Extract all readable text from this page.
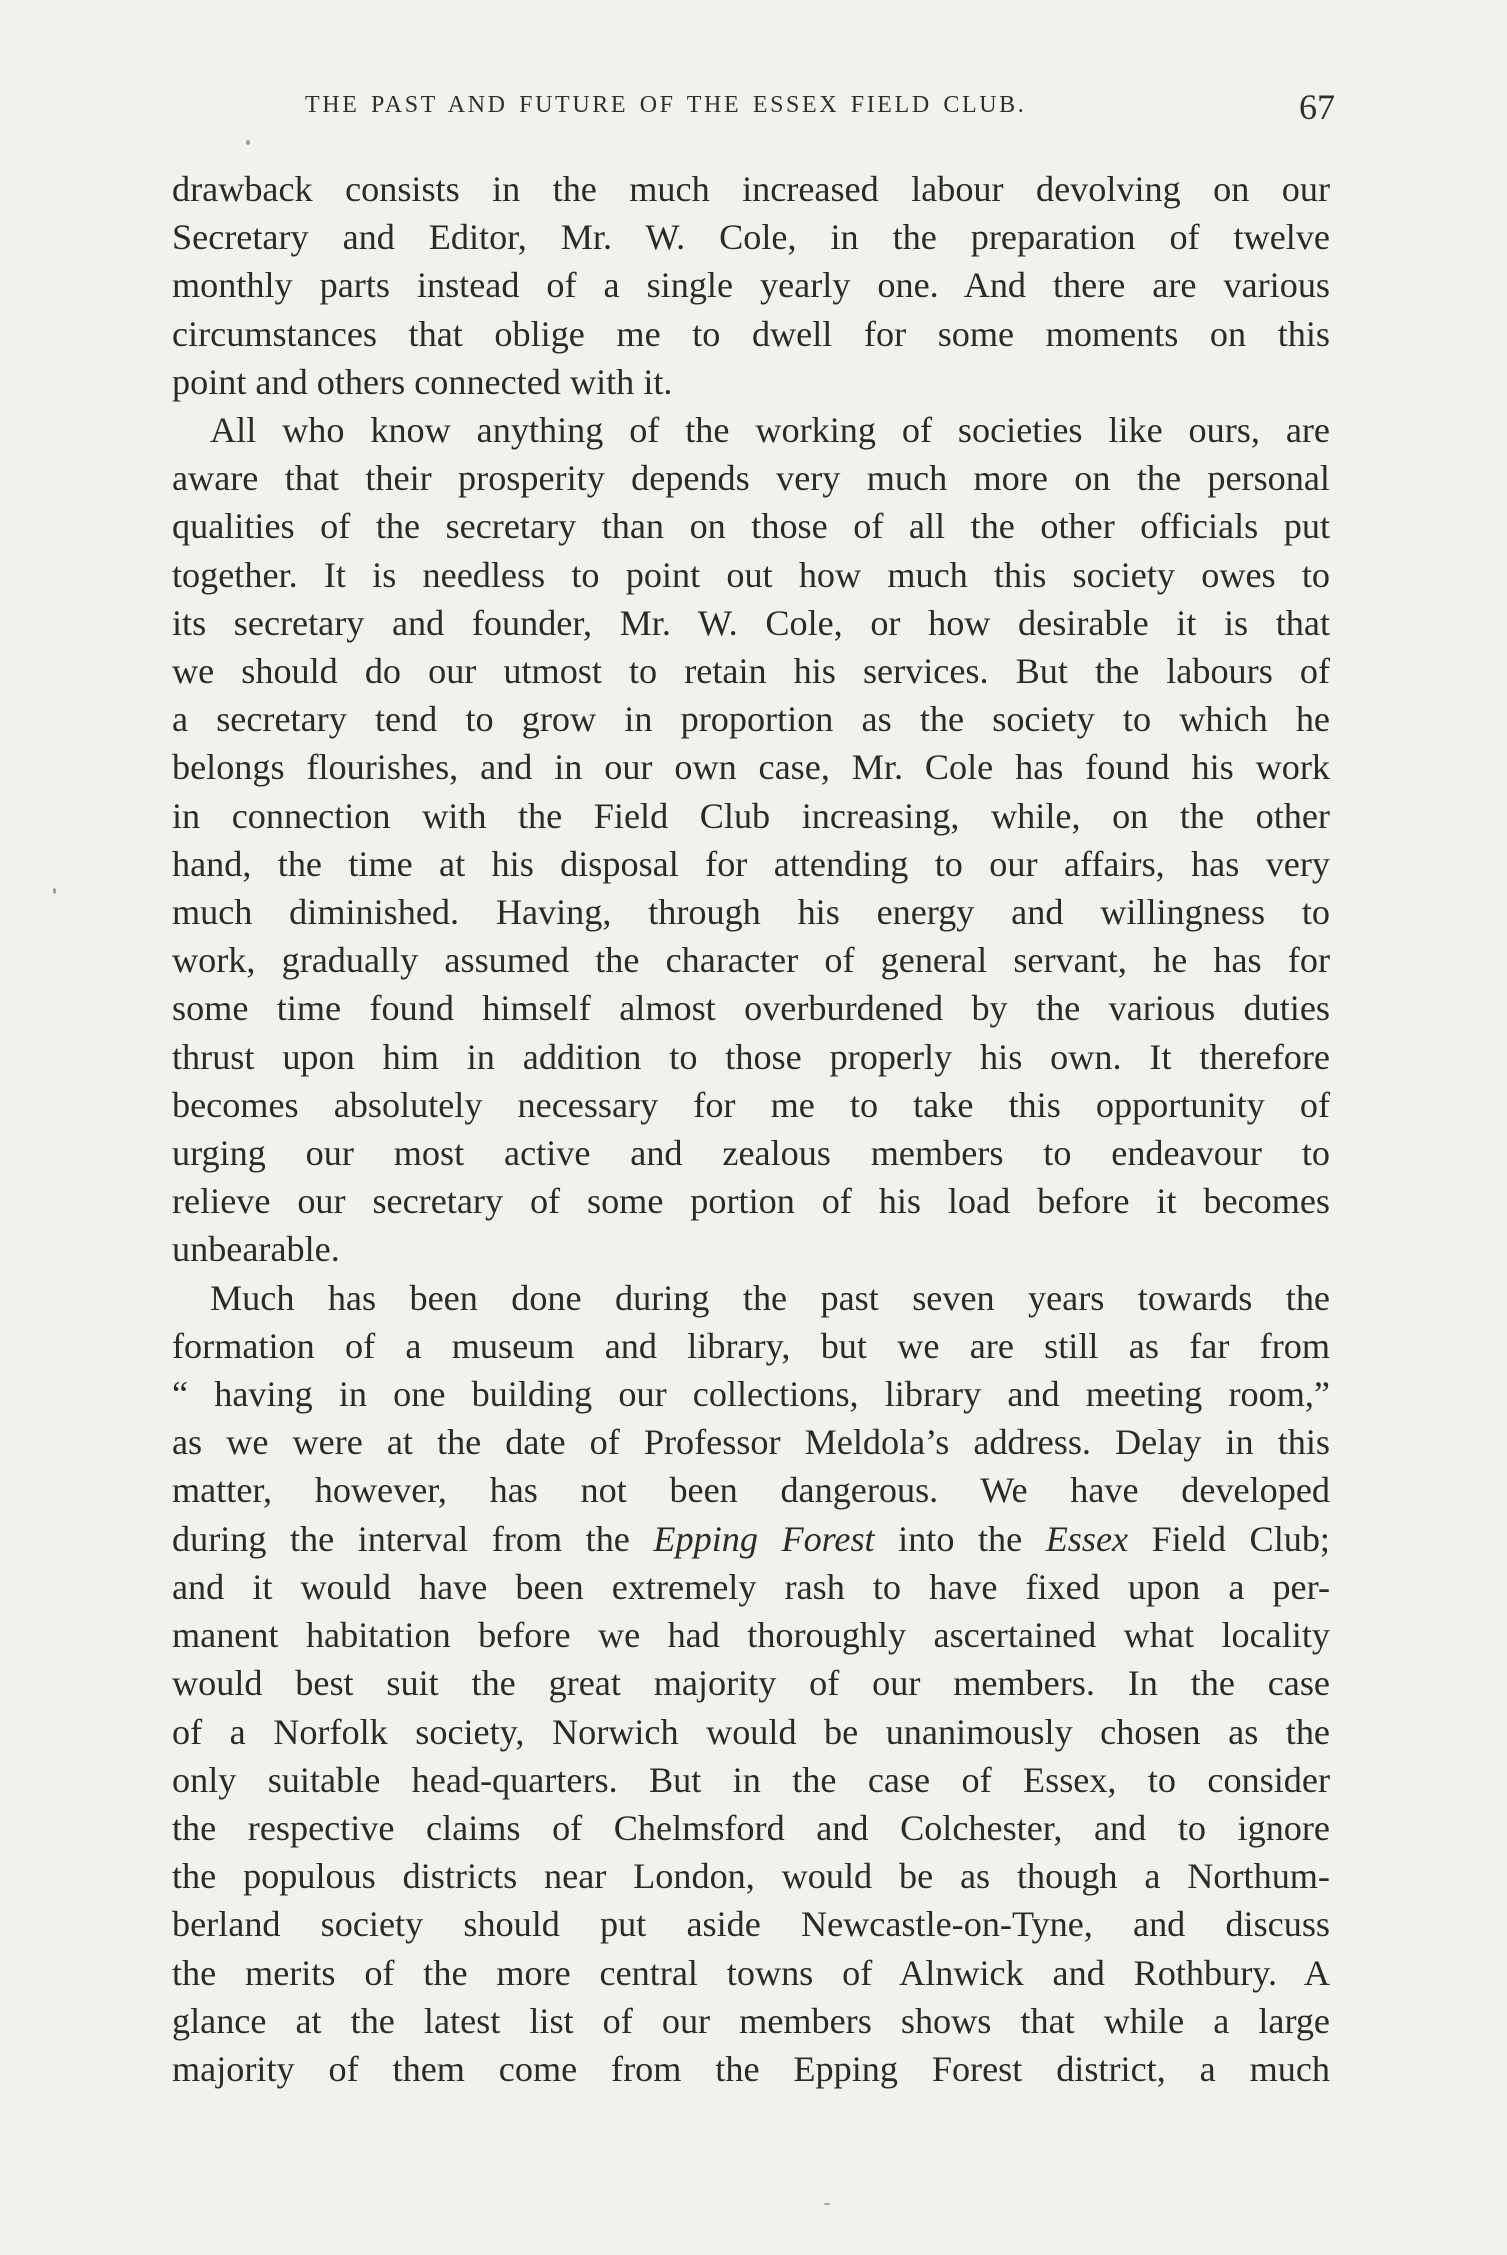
THE PAST AND FUTURE OF THE ESSEX FIELD CLUB.	67

drawback consists in the much increased labour devolving on our
Secretary and Editor, Mr. W. Cole, in the preparation of twelve
monthly parts instead of a single yearly one. And there are various
circumstances that oblige me to dwell for some moments on this
point and others connected with it.

All who know anything of the working of societies like ours, are
aware that their prosperity depends very much more on the personal
qualities of the secretary than on those of all the other officials put
together. It is needless to point out how much this society owes to
its secretary and founder, Mr. W. Cole, or how desirable it is that
we should do our utmost to retain his services. But the labours of
a secretary tend to grow in proportion as the society to which he
belongs flourishes, and in our own case, Mr. Cole has found his work
in connection with the Field Club increasing, while, on the other
hand, the time at his disposal for attending to our affairs, has very
much diminished. Having, through his energy and willingness to
work, gradually assumed the character of general servant, he has for
some time found himself almost overburdened by the various duties
thrust upon him in addition to those properly his own. It therefore
becomes absolutely necessary for me to take this opportunity of
urging our most active and zealous members to endeavour to
relieve our secretary of some portion of his load before it becomes
unbearable.

Much has been done during the past seven years towards the
formation of a museum and library, but we are still as far from
“ having in one building our collections, library and meeting room,”
as we were at the date of Professor Meldola’s address. Delay in this
matter, however, has not been dangerous. We have developed
during the interval from the Epping Forest into the Essex Field Club;
and it would have been extremely rash to have fixed upon a per-
manent habitation before we had thoroughly ascertained what locality
would best suit the great majority of our members. In the case
of a Norfolk society, Norwich would be unanimously chosen as the
only suitable head-quarters. But in the case of Essex, to consider
the respective claims of Chelmsford and Colchester, and to ignore
the populous districts near London, would be as though a Northum-
berland society should put aside Newcastle-on-Tyne, and discuss
the merits of the more central towns of Alnwick and Rothbury. A
glance at the latest list of our members shows that while a large
majority of them come from the Epping Forest district, a much
